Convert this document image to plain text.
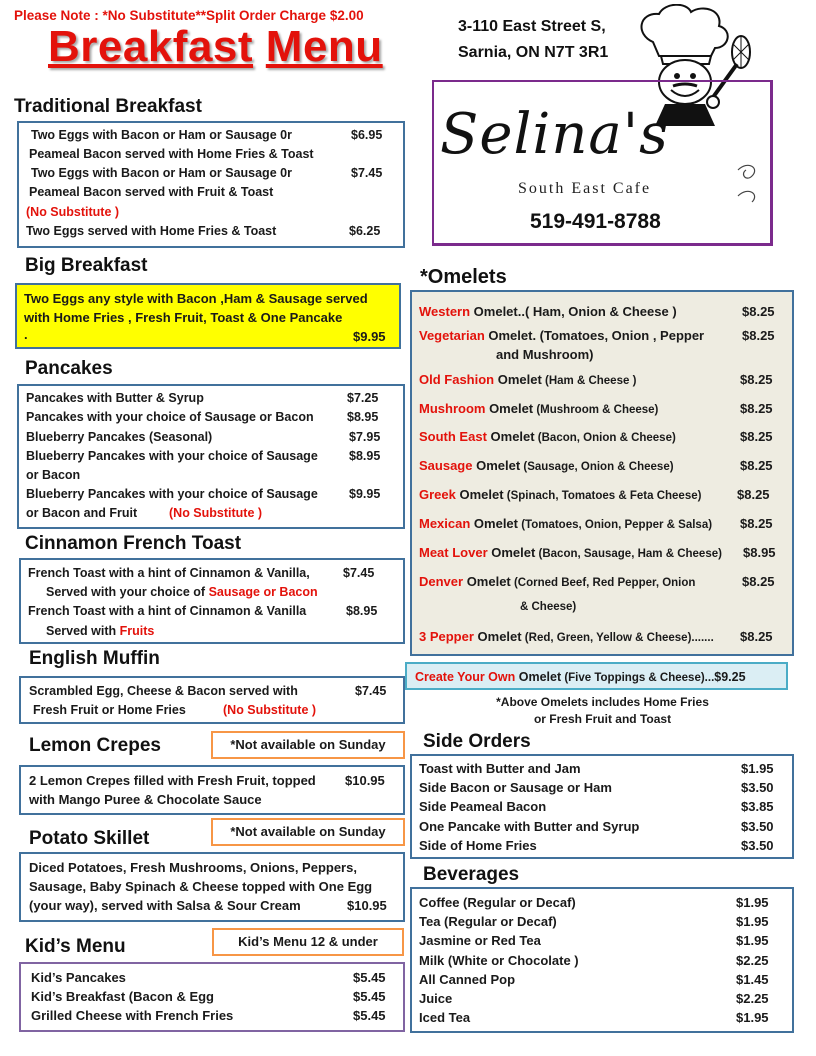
Please Note : *No Substitute**Split Order Charge $2.00
Breakfast Menu	3-110 East Street S,
Sarnia, ON N7T 3R1
Selina's
South East Cafe
519-491-8788
Traditional Breakfast
Two Eggs with Bacon or Ham or Sausage 0r	$6.95
Peameal Bacon served with Home Fries & Toast
Two Eggs with Bacon or Ham or Sausage 0r	$7.45
Peameal Bacon served with Fruit & Toast
(No Substitute )
Two Eggs served with Home Fries & Toast	$6.25
Big Breakfast
Two Eggs any style with Bacon ,Ham & Sausage served
with Home Fries , Fresh Fruit, Toast & One Pancake
.	$9.95
Pancakes
Pancakes with Butter & Syrup	$7.25
Pancakes with your choice of Sausage or Bacon	$8.95
Blueberry Pancakes (Seasonal)	$7.95
Blueberry Pancakes with your choice of Sausage $8.95
or Bacon
Blueberry Pancakes with your choice of Sausage $9.95
or Bacon and Fruit	(No Substitute )
Cinnamon French Toast
French Toast with a hint of Cinnamon & Vanilla,	$7.45
Served with your choice of Sausage or Bacon
French Toast with a hint of Cinnamon & Vanilla	$8.95
Served with Fruits
English Muffin
Scrambled Egg, Cheese & Bacon served with	$7.45
Fresh Fruit or Home Fries	(No Substitute )
Lemon Crepes	*Not available on Sunday
2 Lemon Crepes filled with Fresh Fruit, topped $10.95
with Mango Puree & Chocolate Sauce
Potato Skillet	*Not available on Sunday
Diced Potatoes, Fresh Mushrooms, Onions, Peppers,
Sausage, Baby Spinach & Cheese topped with One Egg
(your way), served with Salsa & Sour Cream	$10.95
Kid’s Menu	Kid’s Menu 12 & under
Kid’s Pancakes	$5.45
Kid’s Breakfast (Bacon & Egg	$5.45
Grilled Cheese with French Fries	$5.45
*Omelets
Western Omelet..( Ham, Onion & Cheese )	$8.25
Vegetarian Omelet. (Tomatoes, Onion , Pepper	$8.25
and Mushroom)
Old Fashion Omelet (Ham & Cheese )	$8.25
Mushroom Omelet (Mushroom & Cheese)	$8.25
South East Omelet (Bacon, Onion & Cheese)	$8.25
Sausage Omelet (Sausage, Onion & Cheese)	$8.25
Greek Omelet (Spinach, Tomatoes & Feta Cheese)	$8.25
Mexican Omelet (Tomatoes, Onion, Pepper & Salsa) $8.25
Meat Lover Omelet (Bacon, Sausage, Ham & Cheese) $8.95
Denver Omelet (Corned Beef, Red Pepper, Onion	$8.25
& Cheese)
3 Pepper Omelet (Red, Green, Yellow & Cheese)....... $8.25
Create Your Own Omelet (Five Toppings & Cheese)...$9.25
*Above Omelets includes Home Fries
or Fresh Fruit and Toast
Side Orders
Toast with Butter and Jam	$1.95
Side Bacon or Sausage or Ham	$3.50
Side Peameal Bacon	$3.85
One Pancake with Butter and Syrup	$3.50
Side of Home Fries	$3.50
Beverages
Coffee (Regular or Decaf)	$1.95
Tea (Regular or Decaf)	$1.95
Jasmine or Red Tea	$1.95
Milk (White or Chocolate )	$2.25
All Canned Pop	$1.45
Juice	$2.25
Iced Tea	$1.95
